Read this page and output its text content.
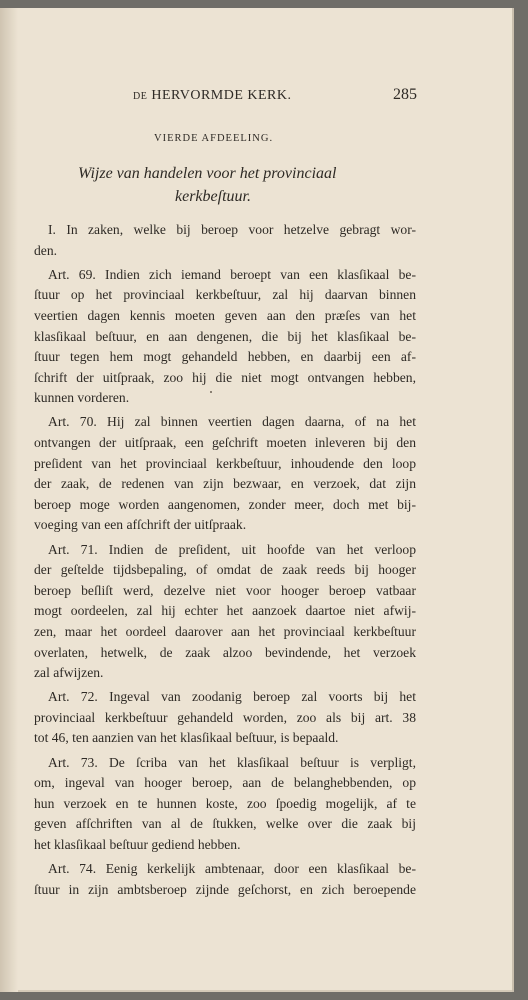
DE HERVORMDE KERK.	285
VIERDE AFDEELING.
Wijze van handelen voor het provinciaal
kerkbeſtuur.
I. In zaken, welke bij beroep voor hetzelve gebragt wor-
den.
Art. 69. Indien zich iemand beroept van een klasſikaal be-
ſtuur op het provinciaal kerkbeſtuur, zal hij daarvan binnen
veertien dagen kennis moeten geven aan den præſes van het
klasſikaal beſtuur, en aan dengenen, die bij het klasſikaal be-
ſtuur tegen hem mogt gehandeld hebben, en daarbij een af-
ſchrift der uitſpraak, zoo hij die niet mogt ontvangen hebben,
kunnen vorderen.
Art. 70. Hij zal binnen veertien dagen daarna, of na het
ontvangen der uitſpraak, een geſchrift moeten inleveren bij den
preſident van het provinciaal kerkbeſtuur, inhoudende den loop
der zaak, de redenen van zijn bezwaar, en verzoek, dat zijn
beroep moge worden aangenomen, zonder meer, doch met bij-
voeging van een afſchrift der uitſpraak.
Art. 71. Indien de preſident, uit hoofde van het verloop
der geſtelde tijdsbepaling, of omdat de zaak reeds bij hooger
beroep beſliſt werd, dezelve niet voor hooger beroep vatbaar
mogt oordeelen, zal hij echter het aanzoek daartoe niet afwij-
zen, maar het oordeel daarover aan het provinciaal kerkbeſtuur
overlaten, hetwelk, de zaak alzoo bevindende, het verzoek
zal afwijzen.
Art. 72. Ingeval van zoodanig beroep zal voorts bij het
provinciaal kerkbeſtuur gehandeld worden, zoo als bij art. 38
tot 46, ten aanzien van het klasſikaal beſtuur, is bepaald.
Art. 73. De ſcriba van het klasſikaal beſtuur is verpligt,
om, ingeval van hooger beroep, aan de belanghebbenden, op
hun verzoek en te hunnen koste, zoo ſpoedig mogelijk, af te
geven afſchriften van al de ſtukken, welke over die zaak bij
het klasſikaal beſtuur gediend hebben.
Art. 74. Eenig kerkelijk ambtenaar, door een klasſikaal be-
ſtuur in zijn ambtsberoep zijnde geſchorst, en zich beroepende
